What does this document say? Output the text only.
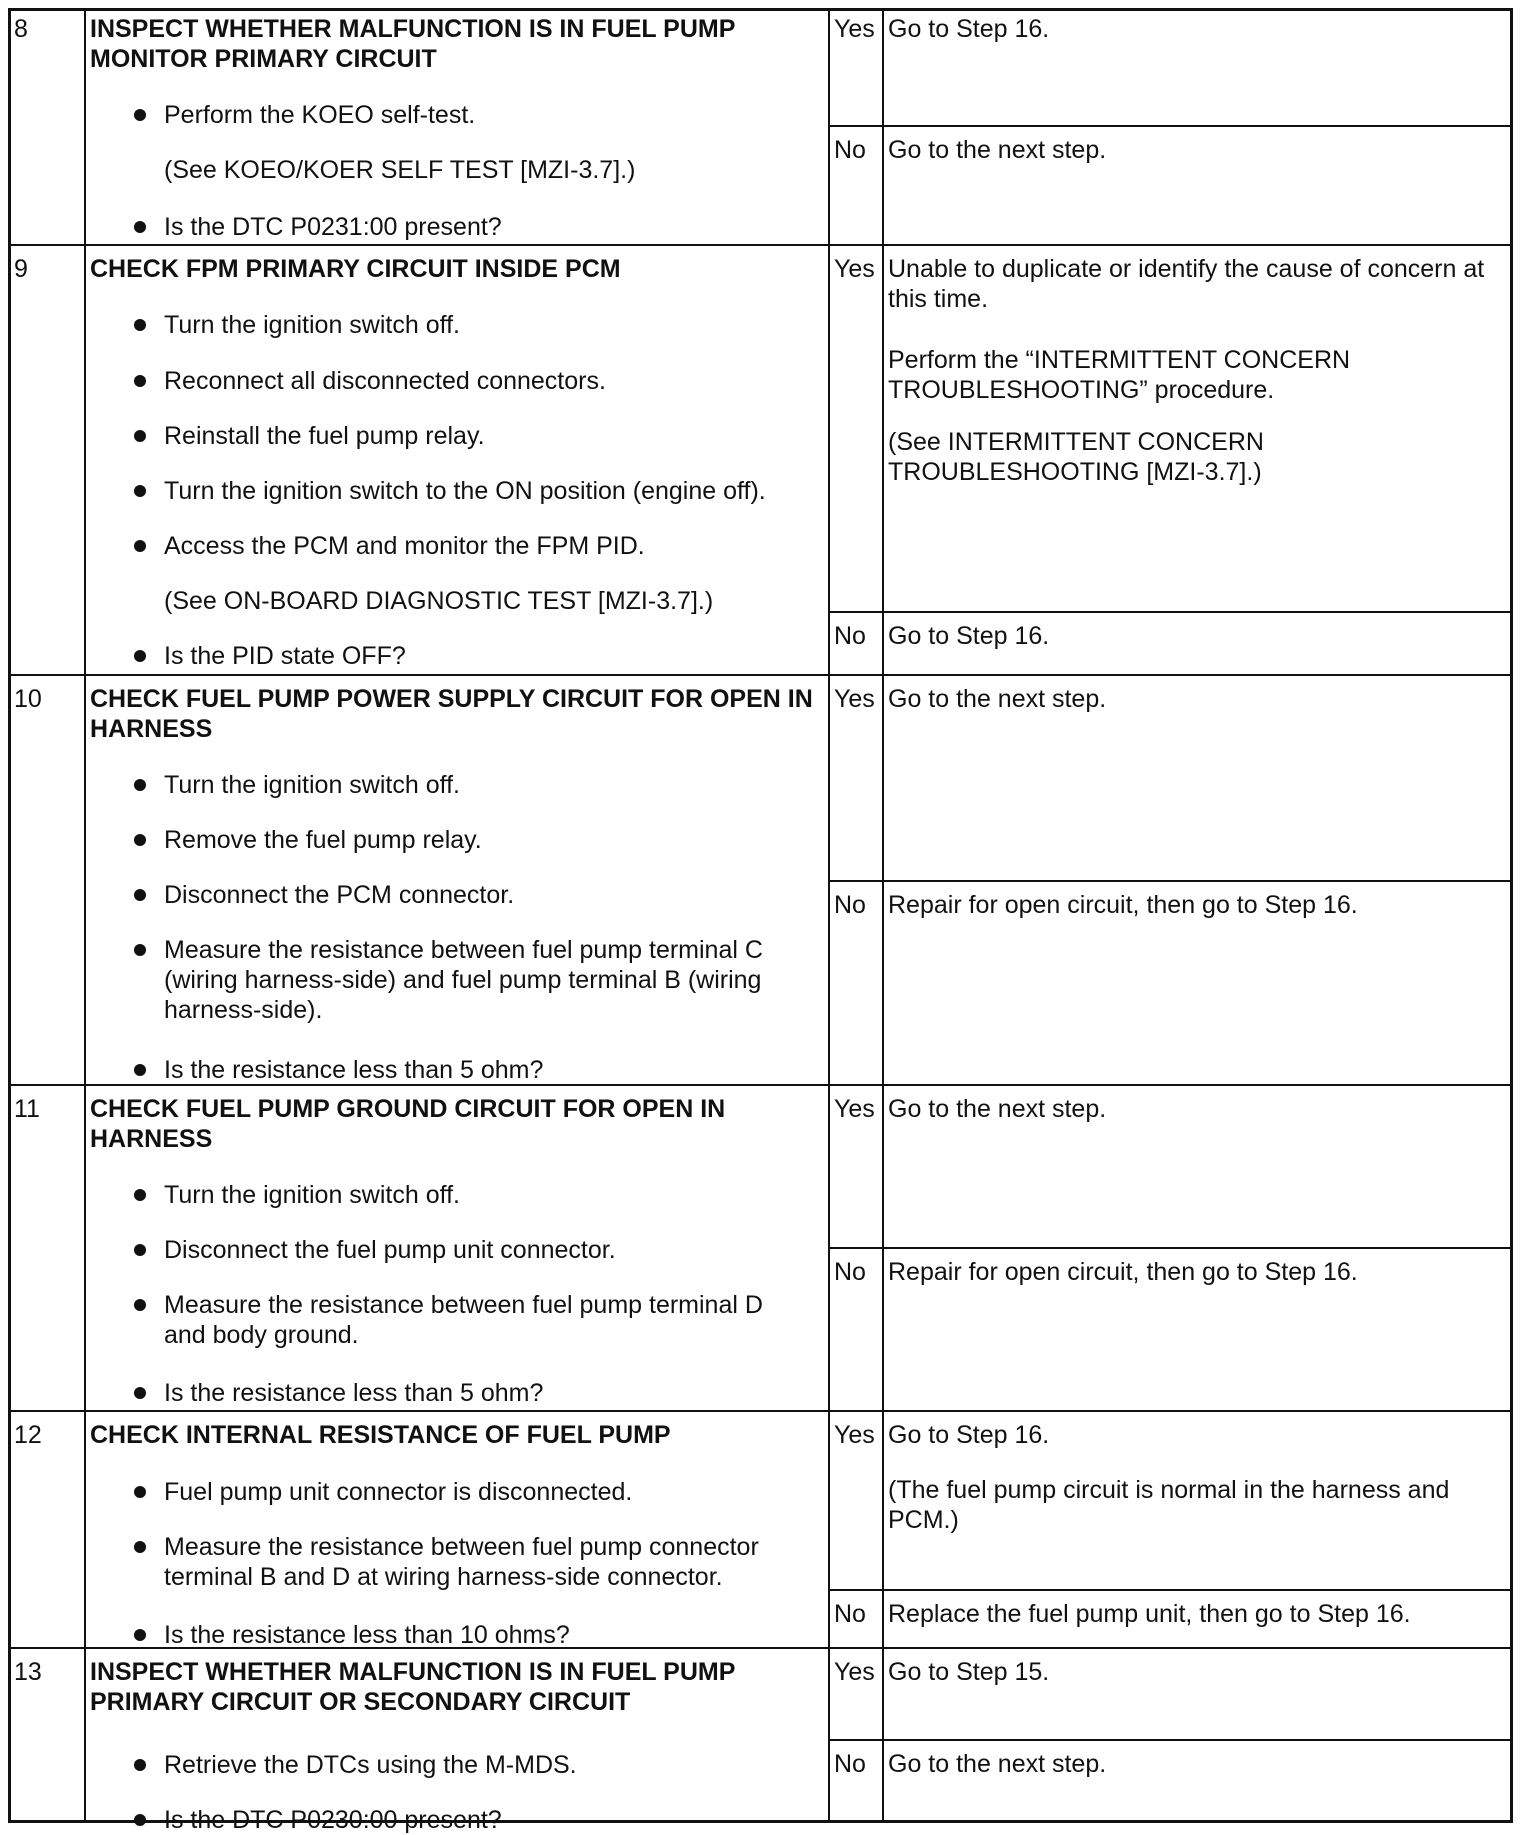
8	INSPECT WHETHER MALFUNCTION IS IN FUEL PUMP
MONITOR PRIMARY CIRCUIT
Perform the KOEO self-test.
(See KOEO/KOER SELF TEST [MZI-3.7].)
Is the DTC P0231:00 present?
Yes Go to Step 16.
No Go to the next step.
9	CHECK FPM PRIMARY CIRCUIT INSIDE PCM
Turn the ignition switch off.
Reconnect all disconnected connectors.
Reinstall the fuel pump relay.
Turn the ignition switch to the ON position (engine off).
Access the PCM and monitor the FPM PID.
(See ON-BOARD DIAGNOSTIC TEST [MZI-3.7].)
Is the PID state OFF?
Yes Unable to duplicate or identify the cause of concern at
this time.
Perform the “INTERMITTENT CONCERN
TROUBLESHOOTING” procedure.
(See INTERMITTENT CONCERN
TROUBLESHOOTING [MZI-3.7].)
No Go to Step 16.
10	CHECK FUEL PUMP POWER SUPPLY CIRCUIT FOR OPEN IN
HARNESS
Turn the ignition switch off.
Remove the fuel pump relay.
Disconnect the PCM connector.
Measure the resistance between fuel pump terminal C
(wiring harness-side) and fuel pump terminal B (wiring
harness-side).
Is the resistance less than 5 ohm?
Yes Go to the next step.
No Repair for open circuit, then go to Step 16.
11	CHECK FUEL PUMP GROUND CIRCUIT FOR OPEN IN
HARNESS
Turn the ignition switch off.
Disconnect the fuel pump unit connector.
Measure the resistance between fuel pump terminal D
and body ground.
Is the resistance less than 5 ohm?
Yes Go to the next step.
No Repair for open circuit, then go to Step 16.
12	CHECK INTERNAL RESISTANCE OF FUEL PUMP
Fuel pump unit connector is disconnected.
Measure the resistance between fuel pump connector
terminal B and D at wiring harness-side connector.
Is the resistance less than 10 ohms?
Yes Go to Step 16.
(The fuel pump circuit is normal in the harness and
PCM.)
No Replace the fuel pump unit, then go to Step 16.
13	INSPECT WHETHER MALFUNCTION IS IN FUEL PUMP
PRIMARY CIRCUIT OR SECONDARY CIRCUIT
Retrieve the DTCs using the M-MDS.
Is the DTC P0230:00 present?
Yes Go to Step 15.
No Go to the next step.
